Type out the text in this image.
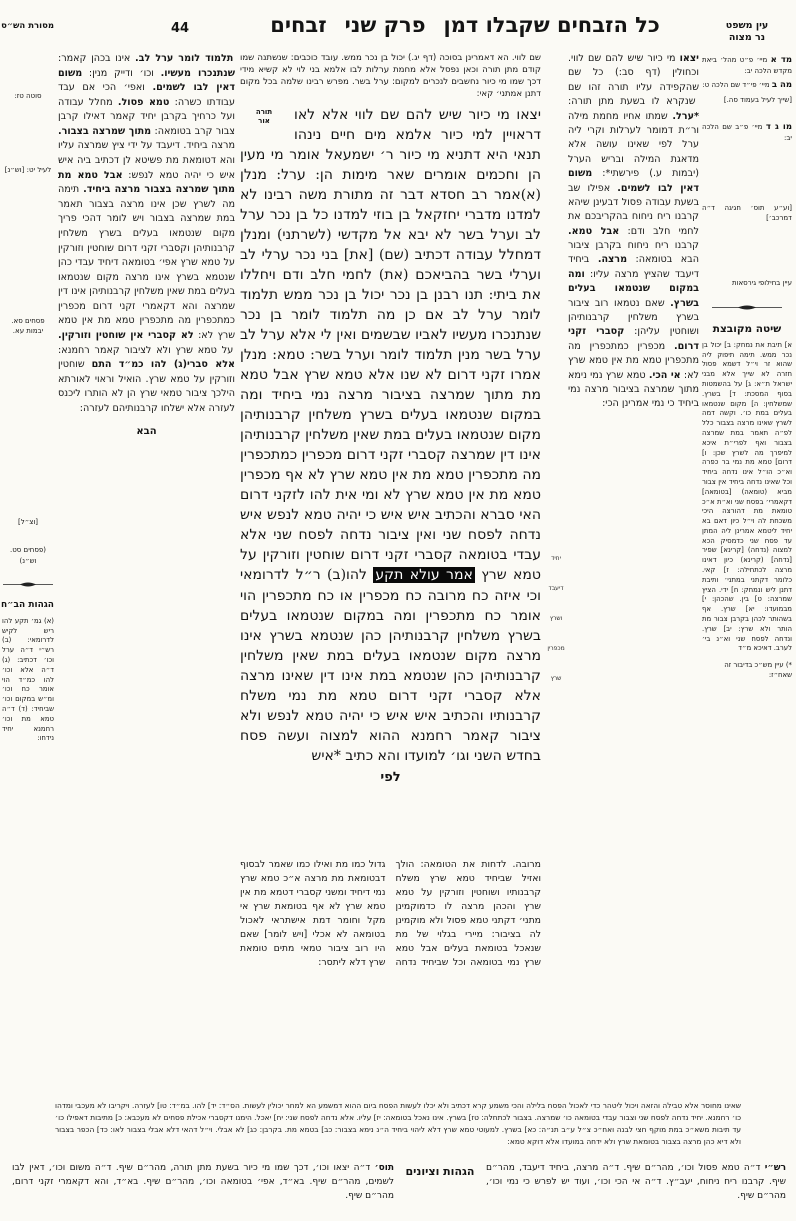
כל הזבחים שקבלו דמןפרק שניזבחים
44
מסורת הש״ס
סוטה טז:
לעיל יט: [וש״נ]
פסחים סא. יבמות עא.
[וצ״ל]
(פסחים סט. וש״נ)
הגהות הב״ח
(א) גמ׳ תקע להו ריש לקיש לדרומאי: (ב) רש״י ד״ה ערל וכו׳ דכתיב: (ג) ד״ה אלא וכו׳ להו כמ״ד הוי אומר כח וכו׳ ומ״ש במקום וכו׳ שביחיד: (ד) ד״ה טמא מת וכו׳ רחמנא יחיד נידחו:

תלמוד לומר ערל לב. אינו בכהן קאמר: שנתנכרו מעשיו. וכו׳ ודייק מנין: משום דאין לבו לשמים. ואפי׳ הכי אם עבד עבודתו כשרה: טמא פסול. מחלל עבודה ועל כרחיך בקרבן יחיד קאמר דאילו קרבן צבור קרב בטומאה: מתוך שמרצה בצבור. מרצה ביחיד. דיעבד על ידי ציץ שמרצה עליו והא דטומאת מת פשיטא לן דכתיב ביה איש איש כי יהיה טמא לנפש: אבל טמא מת מתוך שמרצה בצבור מרצה ביחיד. תימה מה לשרץ שכן אינו מרצה בצבור תאמר במת שמרצה בצבור ויש לומר דהכי פריך מקום שנטמאו בעלים בשרץ משלחין קרבנותיהן וקסברי זקני דרום שוחטין וזורקין על טמא שרץ אפי׳ בטומאה דיחיד עבדי כהן שנטמא בשרץ אינו מרצה מקום שנטמאו בעלים במת שאין משלחין קרבנותיהן אינו דין שמרצה והא דקאמרי זקני דרום מכפרין כמתכפרין מה מתכפרין טמא מת אין טמא שרץ לא: לא קסברי אין שוחטין וזורקין. על טמא שרץ ולא לציבור קאמר רחמנא: אלא סברי(ג) להו כמ״ד התם שוחטין וזורקין על טמא שרץ. הואיל וראוי לאורתא הילכך ציבור טמאי שרץ הן לא הותרו ליכנס לעזרה אלא ישלחו קרבנותיהם לעזרה:

הבא

שם לווי. הא דאמרינן בסוכה (דף יג.) יכול בן נכר ממש. עובד כוכבים: שנשתנה שמו קודם מתן תורה וכאן נפסל אלא מחמת ערלות לבו אלמא בני לוי לא קשיא מידי דכך שמו מי כיור נחשבים לנכרים למקום: ערל בשר. מפרש רבינו שלמה בכל מקום דתנן אמתני׳ קאי:

תורה
אור	יצאו מי כיור שיש להם שם לווי אלא לאו דראויין למי כיור אלמא מים חיים נינהו תנאי היא דתניא מי כיור ר׳ ישמעאל אומר מי מעין הן וחכמים אומרים שאר מימות הן: ערל: מנלן (א)אמר רב חסדא דבר זה מתורת משה רבינו לא למדנו מדברי יחזקאל בן בוזי למדנו כל בן נכר ערל לב וערל בשר לא יבא אל מקדשי (לשרתני) ומנלן דמחלל עבודה דכתיב (שם) [את] בני נכר ערלי לב וערלי בשר בהביאכם (את) לחמי חלב ודם ויחללו את ביתי: תנו רבנן בן נכר יכול בן נכר ממש תלמוד לומר ערל לב אם כן מה תלמוד לומר בן נכר שנתנכרו מעשיו לאביו שבשמים ואין לי אלא ערל לב ערל בשר מנין תלמוד לומר וערל בשר: טמא: מנלן אמרו זקני דרום לא שנו אלא טמא שרץ אבל טמא מת מתוך שמרצה בציבור מרצה נמי ביחיד ומה במקום שנטמאו בעלים בשרץ משלחין קרבנותיהן מקום שנטמאו בעלים במת שאין משלחין קרבנותיהן אינו דין שמרצה קסברי זקני דרום מכפרין כמתכפרין מה מתכפרין טמא מת אין טמא שרץ לא אף מכפרין טמא מת אין טמא שרץ לא ומי אית להו לזקני דרום האי סברא והכתיב איש איש כי יהיה טמא לנפש איש נדחה לפסח שני ואין ציבור נדחה לפסח שני אלא עבדי בטומאה קסברי זקני דרום שוחטין וזורקין על טמא שרץ אמר עולא תקע להו(ב) ר״ל לדרומאי וכי איזה כח מרובה כח מכפרין או כח מתכפרין הוי אומר כח מתכפרין ומה במקום שנטמאו בעלים בשרץ משלחין קרבנותיהן כהן שנטמא בשרץ אינו מרצה מקום שנטמאו בעלים במת שאין משלחין קרבנותיהן כהן שנטמא במת אינו דין שאינו מרצה אלא קסברי זקני דרום טמא מת נמי משלח קרבנותיו והכתיב איש איש כי יהיה טמא לנפש ולא ציבור קאמר רחמנא ההוא למצוה ועשה פסח בחדש השני וגו׳ למועדו והא כתיב *איש

לפי
יחיד
דיעבד
ושרץ
מכפרין
שרץ
מרובה. לדחות את הטומאה: הולך ואזיל שביחיד טמא שרץ משלח קרבנותיו ושוחטין וזורקין על טמא שרץ והכהן מרצה לו כדמוקמינן מתני׳ דקתני טמא פסול ולא מוקמינן לה בציבור: מיירי בגלוי של מת שנאכל בטומאת בעלים אבל טמא שרץ נמי בטומאה וכל שביחיד נדחה גדול כמו מת ואילו כמו שאמר לבסוף דבטומאת מת מרצה א״כ טמא שרץ נמי דיחיד ומשני קסברי דטמא מת אין טמא שרץ לא אף בטומאת שרץ אי מקל וחומר דמת אישתראי לאכול בטומאה לא אכלי [ויש לומר] שאם היו רוב ציבור טמאי מתים טומאת שרץ דלא ליתסר:

יצאו מי כיור שיש להם שם לווי. וכחולין (דף סב:) כל שם שהקפידה עליו תורה זהו שם שנקרא לו בשעת מתן תורה: *ערל. שמתו אחיו מחמת מילה ור״ת דמומר לערלות וקרי ליה ערל לפי שאינו עושה אלא מדאגת המילה ובריש הערל (יבמות ע.) פירשתי*: משום דאין לבו לשמים. אפילו שב בשעת עבודה פסול דבעינן שיהא קרבנו ריח ניחוח בהקריבכם את לחמי חלב ודם: אבל טמא. קרבנו ריח ניחוח בקרבן ציבור הבא בטומאה: מרצה. ביחיד דיעבד שהציץ מרצה עליו: ומה במקום שנטמאו בעלים בשרץ. שאם נטמאו רוב ציבור בשרץ משלחין קרבנותיהן ושוחטין עליהן: קסברי זקני דרום. מכפרין כמתכפרין מה מתכפרין טמא מת אין טמא שרץ לא: אי הכי. טמא שרץ נמי נימא מתוך שמרצה בציבור מרצה נמי ביחיד כי נמי אמרינן הכי:

עין משפט
נר מצוה
מד א מיי׳ פ״ט מהל׳ ביאת מקדש הלכה יב:
מה ב מיי׳ פי״ד שם הלכה ט:
[שייך לעיל בעמוד סה.]
מו ג ד מיי׳ פ״ב שם הלכה יב:
[וע״ע תוס׳ חגיגה ד״ה דמרכב׳]
עיין בחילופי גירסאות
שיטה מקובצת
א] תיבת את נמחק: ב] יכול בן נכר ממש. תימה תיפוק ליה שהוא זר וי״ל דשמא פסול חזרה לא שייך אלא מבני ישראל ת״א: ג] על בהשמטות בסוף המסכת: ד] בשרץ. שמשלחין: ה] מקום שנטמאו בעלים במת כו׳. וקשה דמה לשרץ שאינו מרצה בצבור כלל לפ״ה תאמר במת שמרצה בצבור ואף לפרי״ת איכא למיפרך מה לשרץ שכן: ו] דרום] טמא מת נמי בר כפרה וא״כ הו״ל אינו נדחה ביחיד וכל שאינו נדחה ביחיד אין צבור מביא (טומאה) [בטומאה] דקאמרי׳ בפסח שני וא״ת א״כ טומאת מת דהורצה היכי משכחת לה וי״ל כיון דאם בא יחיד ליטמא אמרינן ליה המתן עד פסח שני כדמסיק הכא למצוה (נדחה) [קרינא] שפיר [נדחה] (קרינא) כיון דאינו מרצה לכתחילה: ז] קאי. כלומר דקתני במתני׳ ותיבת דתנן ליש ונמחק: ח] ידי. הציץ שמרצה: ט] בין. שהכהן: י] מבמועדו: יא] שרץ. אף בשהותר לכהן בקרבן צבור מת הותר ולא שרץ: יב] שרץ. ונדחה לפסח שני וא״נ בי׳ לערב. דאיכא מ״ד
*) עיין מש״כ בדיבור זה שאח״ז:
שאינו מחוסר אלא טבילה והזאה ויכול ליטהר כדי לאכול הפסח בלילה והכי משמע קרא דכתיב ולא יכלו לעשות הפסח ביום ההוא דמשמע הא למחר יכולין לעשות. הס״ד: יד] להו. במ״ד: טו] לעזרה. ויקריבו לא מעכבי ומדהו כו׳ רחמנא. יחיד נדחה לפסח שני וצבור עבדי בטומאה כו׳ שמרצה. בצבור לכתחלה: טז] בשרץ. אינו נאכל בטומאה: יז] עליו. אלא נדחה לפסח שני: יח] יאכל. הימנו דקסברי אכילת פסחים לא מעכבא: כ] מתיבות דאפילו כו׳ עד תיבות משא״כ במת מוקף חצי לבנה ואח״כ צ״ל ע״ב תנ״ה: כא] בשרץ. למעוטי טמא שרץ דלא ליהוי ביחיד ה״נ נימא בצבור: כב] בטמא מת. בקרבן: כג] לא אבלי. וי״ל דהאי דלא אבלי בצבור לאו: כד] הכפר בצבור ולא דיא כהן מרצה בצבור בטומאת שרץ ולא ידחה במועדו אלא דוקא טמא:
רש״י ד״ה טמא פסול וכו׳, מהר״ם שיף. ד״ה מרצה, ביחיד דיעבד, מהר״ם שיף. קרבנו ריח ניחוח, יעב״ץ. ד״ה אי הכי וכו׳, ועוד יש לפרש כי נמי וכו׳, מהר״ם שיף.
הגהות וציונים
תוס׳ ד״ה יצאו וכו׳, דכך שמו מי כיור בשעת מתן תורה, מהר״ם שיף. ד״ה משום וכו׳, דאין לבו לשמים, מהר״ם שיף. בא״ד, אפי׳ בטומאה וכו׳, מהר״ם שיף. בא״ד, והא דקאמרי זקני דרום, מהר״ם שיף.
